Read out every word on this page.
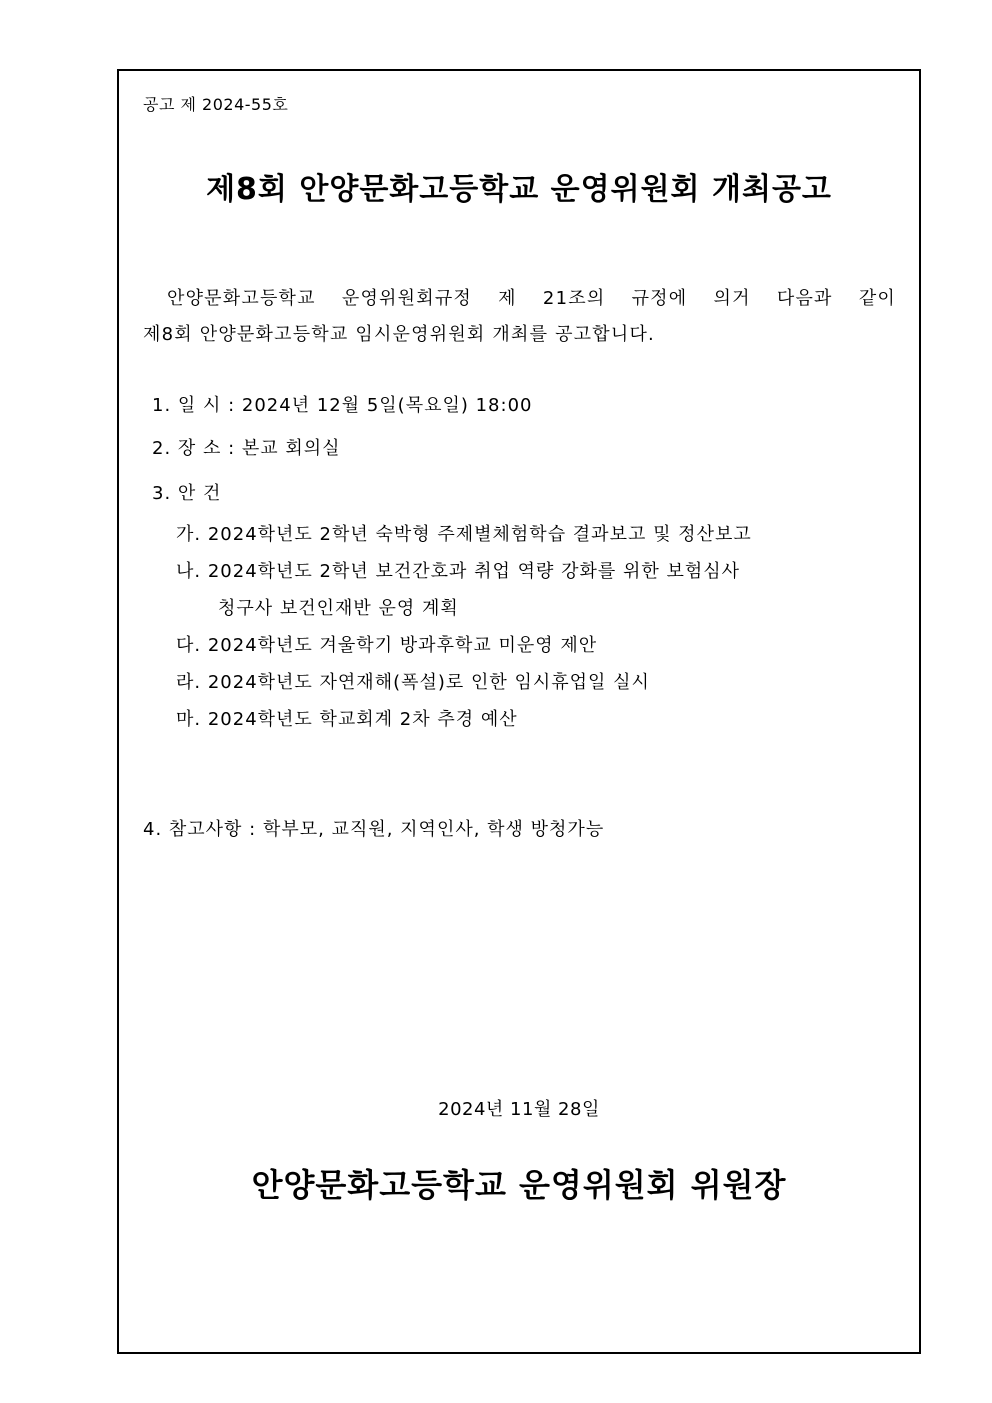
공고 제 2024-55호
제8회 안양문화고등학교 운영위원회 개최공고
안양문화고등학교 운영위원회규정 제 21조의 규정에 의거 다음과 같이
제8회 안양문화고등학교 임시운영위원회 개최를 공고합니다.
1. 일 시 : 2024년 12월 5일(목요일) 18:00
2. 장 소 : 본교 회의실
3. 안 건
가. 2024학년도 2학년 숙박형 주제별체험학습 결과보고 및 정산보고
나. 2024학년도 2학년 보건간호과 취업 역량 강화를 위한 보험심사
청구사 보건인재반 운영 계획
다. 2024학년도 겨울학기 방과후학교 미운영 제안
라. 2024학년도 자연재해(폭설)로 인한 임시휴업일 실시
마. 2024학년도 학교회계 2차 추경 예산
4. 참고사항 : 학부모, 교직원, 지역인사, 학생 방청가능
2024년 11월 28일
안양문화고등학교 운영위원회 위원장
